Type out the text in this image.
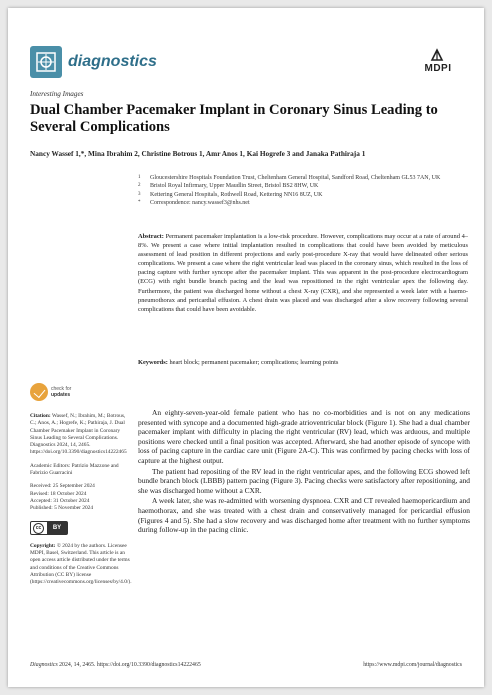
diagnostics	MDPI
Interesting Images
Dual Chamber Pacemaker Implant in Coronary Sinus Leading to Several Complications
Nancy Wassef 1,*, Mina Ibrahim 2, Christine Botrous 1, Amr Anos 1, Kai Hogrefe 3 and Janaka Pathiraja 1
1 Gloucestershire Hospitals Foundation Trust, Cheltenham General Hospital, Sandford Road, Cheltenham GL53 7AN, UK
2 Bristol Royal Infirmary, Upper Maudlin Street, Bristol BS2 8HW, UK
3 Kettering General Hospitals, Rothwell Road, Kettering NN16 8UZ, UK
* Correspondence: nancy.wassef3@nhs.net
Abstract: Permanent pacemaker implantation is a low-risk procedure. However, complications may occur at a rate of around 4–8%. We present a case where initial implantation resulted in complications that could have been avoided by meticulous assessment of lead position in different projections and early post-procedure X-ray that would have delineated other serious complications. We present a case where the right ventricular lead was placed in the coronary sinus, which resulted in the loss of pacing capture with further syncope after the pacemaker implant. This was apparent in the post-procedure electrocardiogram (ECG) with right bundle branch pacing and the lead was repositioned in the right ventricular apex the following day. Furthermore, the patient was discharged home without a chest X-ray (CXR), and she represented a week later with a haemo-pneumothorax and pericardial effusion. A chest drain was placed and was discharged after a slow recovery following several complications that could have been avoidable.
Keywords: heart block; permanent pacemaker; complications; learning points
check for
updates
Citation: Wassef, N.; Ibrahim, M.; Botrous, C.; Anos, A.; Hogrefe, K.; Pathiraja, J. Dual Chamber Pacemaker Implant in Coronary Sinus Leading to Several Complications. Diagnostics 2024, 14, 2465. https://doi.org/10.3390/diagnostics14222465
Academic Editors: Patrizio Mazzone and Fabrizio Guarracini
Received: 25 September 2024
Revised: 18 October 2024
Accepted: 31 October 2024
Published: 5 November 2024
cc	BY
Copyright: © 2024 by the authors. Licensee MDPI, Basel, Switzerland. This article is an open access article distributed under the terms and conditions of the Creative Commons Attribution (CC BY) license (https://creativecommons.org/licenses/by/4.0/).

An eighty-seven-year-old female patient who has no co-morbidities and is not on any medications presented with syncope and a documented high-grade atrioventricular block (Figure 1). She had a dual chamber pacemaker implant with difficulty in placing the right ventricular (RV) lead, which was arduous, and multiple positions were checked until a final position was accepted. Afterward, she had another episode of syncope with loss of pacing capture in the cardiac care unit (Figure 2A-C). This was confirmed by pacing checks with loss of capture at the highest output.

The patient had repositing of the RV lead in the right ventricular apes, and the following ECG showed left bundle branch block (LBBB) pattern pacing (Figure 3). Pacing checks were satisfactory after repositioning, and she was discharged home without a CXR.

A week later, she was re-admitted with worsening dyspnoea. CXR and CT revealed haemopericardium and haemothorax, and she was treated with a chest drain and conservatively managed for pericardial effusion (Figures 4 and 5). She had a slow recovery and was discharged home after treatment with no further symptoms during follow-up in the pacing clinic.

Diagnostics 2024, 14, 2465. https://doi.org/10.3390/diagnostics14222465	https://www.mdpi.com/journal/diagnostics
